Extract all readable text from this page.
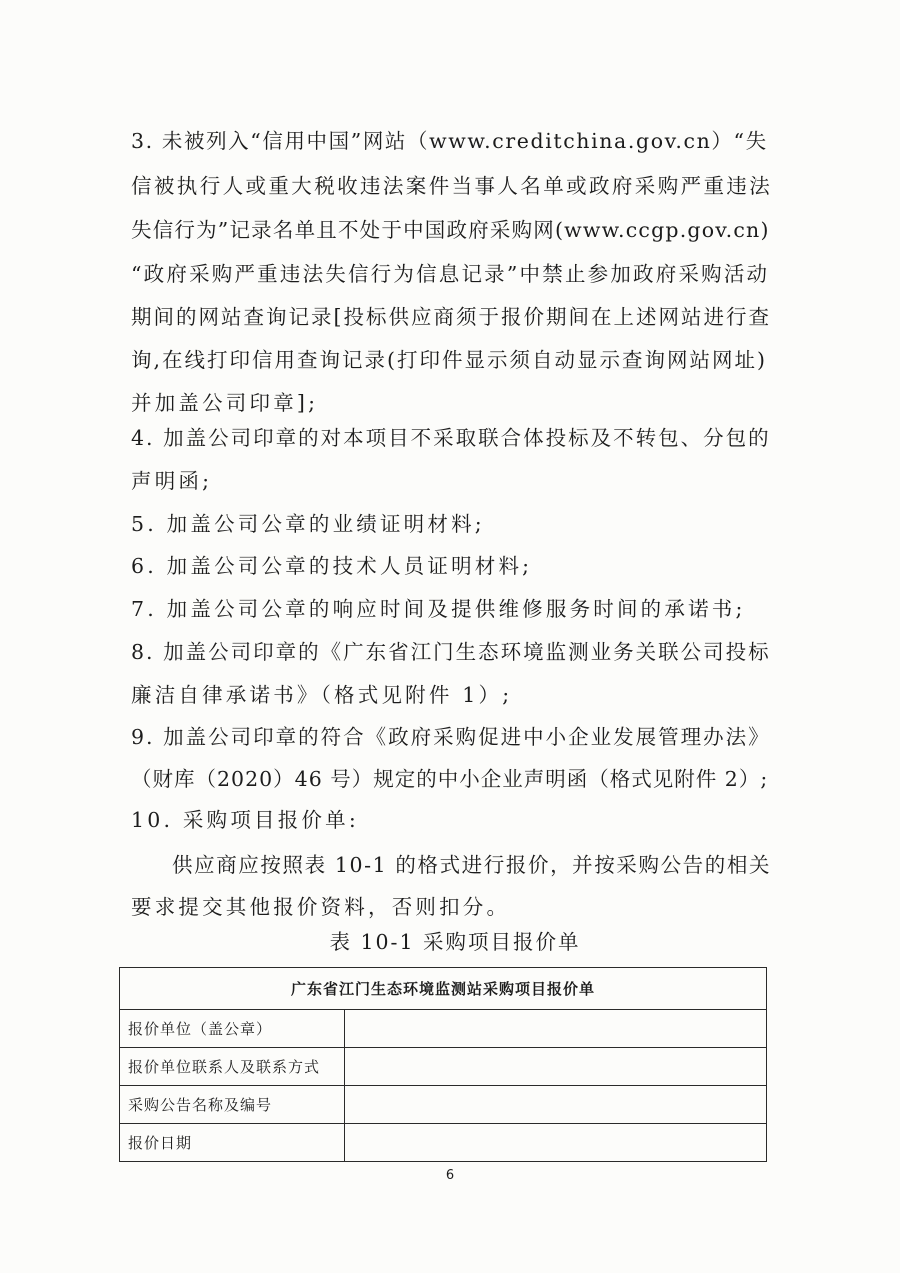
3. 未被列入“信用中国”网站（www.creditchina.gov.cn）“失
信被执行人或重大税收违法案件当事人名单或政府采购严重违法
失信行为”记录名单且不处于中国政府采购网(www.ccgp.gov.cn)
“政府采购严重违法失信行为信息记录”中禁止参加政府采购活动
期间的网站查询记录[投标供应商须于报价期间在上述网站进行查
询,在线打印信用查询记录(打印件显示须自动显示查询网站网址)
并加盖公司印章];
4. 加盖公司印章的对本项目不采取联合体投标及不转包、分包的
声明函;
5. 加盖公司公章的业绩证明材料;
6. 加盖公司公章的技术人员证明材料;
7. 加盖公司公章的响应时间及提供维修服务时间的承诺书;
8. 加盖公司印章的《广东省江门生态环境监测业务关联公司投标
廉洁自律承诺书》（格式见附件 1）;
9. 加盖公司印章的符合《政府采购促进中小企业发展管理办法》
（财库（2020）46 号）规定的中小企业声明函（格式见附件 2）;
10. 采购项目报价单:
供应商应按照表 10-1 的格式进行报价，并按采购公告的相关
要求提交其他报价资料，否则扣分。
表 10-1 采购项目报价单
广东省江门生态环境监测站采购项目报价单	
报价单位（盖公章）	
报价单位联系人及联系方式	
采购公告名称及编号	
报价日期	
6
